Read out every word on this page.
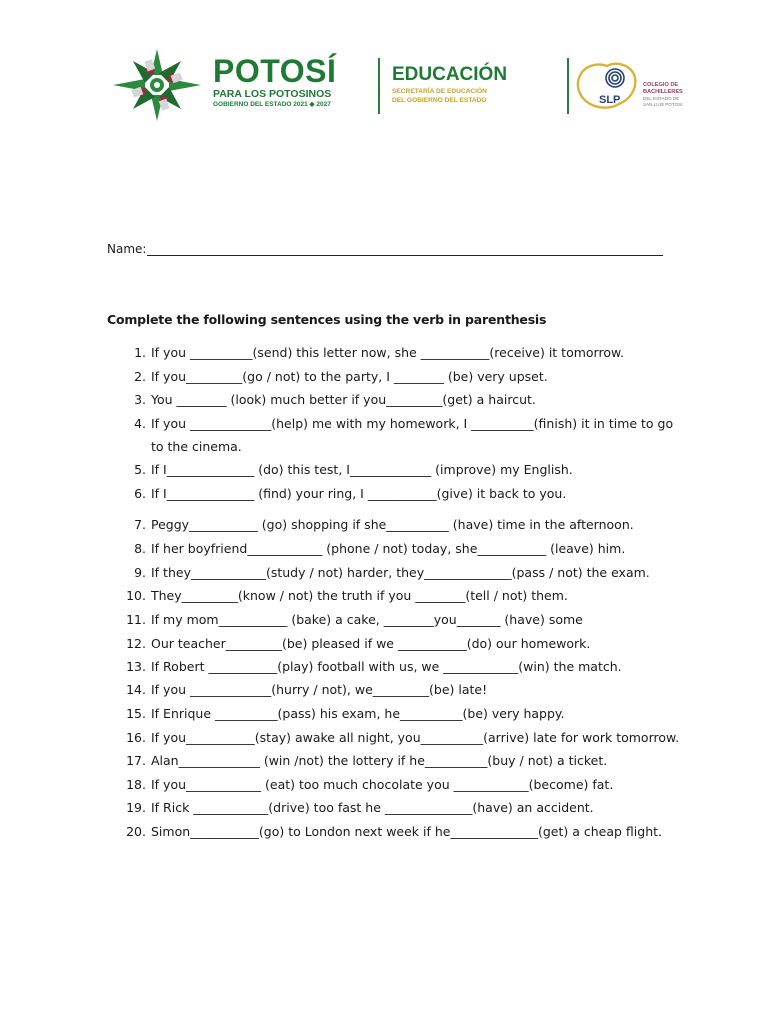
POTOSÍ
PARA LOS POTOSINOS
GOBIERNO DEL ESTADO 2021 ◆ 2027
EDUCACIÓN
SECRETARÍA DE EDUCACIÓN
DEL GOBIERNO DEL ESTADO	SLP
COLEGIO DE
BACHILLERES
DEL ESTADO DE
SAN LUIS POTOSÍ
Name:
Complete the following sentences using the verb in parenthesis
1. If you __________(send) this letter now, she ___________(receive) it tomorrow.
2. If you_________(go / not) to the party, I ________ (be) very upset.
3. You ________ (look) much better if you_________(get) a haircut.
4. If you _____________(help) me with my homework, I __________(finish) it in time to go
to the cinema.
5. If I______________ (do) this test, I_____________ (improve) my English.
6. If I______________ (find) your ring, I ___________(give) it back to you.
7. Peggy___________ (go) shopping if she__________ (have) time in the afternoon.
8. If her boyfriend____________ (phone / not) today, she___________ (leave) him.
9. If they____________(study / not) harder, they______________(pass / not) the exam.
10. They_________(know / not) the truth if you ________(tell / not) them.
11. If my mom___________ (bake) a cake, ________you_______ (have) some
12. Our teacher_________(be) pleased if we ___________(do) our homework.
13. If Robert ___________(play) football with us, we ____________(win) the match.
14. If you _____________(hurry / not), we_________(be) late!
15. If Enrique __________(pass) his exam, he__________(be) very happy.
16. If you___________(stay) awake all night, you__________(arrive) late for work tomorrow.
17. Alan_____________ (win /not) the lottery if he__________(buy / not) a ticket.
18. If you____________ (eat) too much chocolate you ____________(become) fat.
19. If Rick ____________(drive) too fast he ______________(have) an accident.
20. Simon___________(go) to London next week if he______________(get) a cheap flight.
